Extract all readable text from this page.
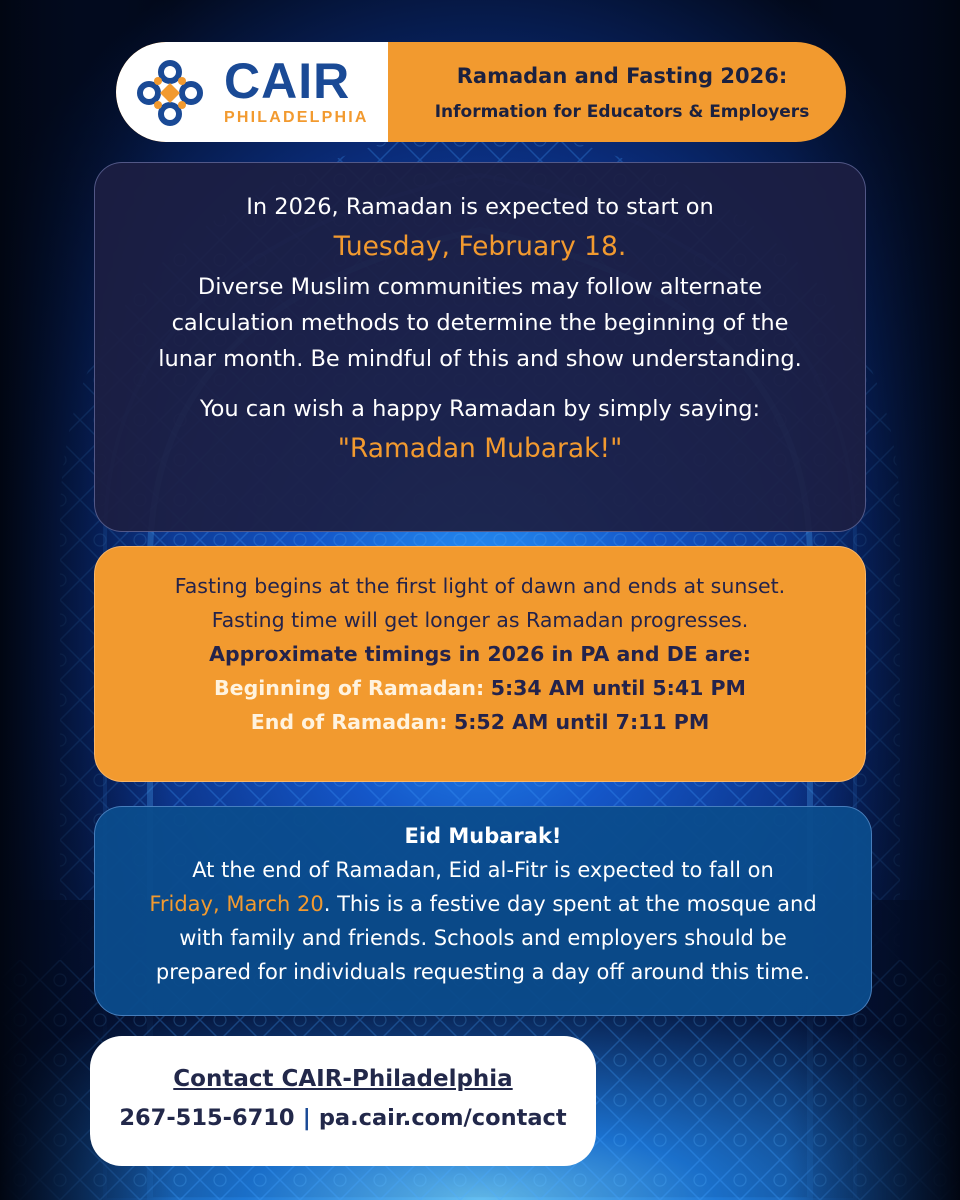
CAIR
PHILADELPHIA
Ramadan and Fasting 2026:
Information for Educators & Employers
In 2026, Ramadan is expected to start on
Tuesday, February 18.
Diverse Muslim communities may follow alternate
calculation methods to determine the beginning of the
lunar month. Be mindful of this and show understanding.
You can wish a happy Ramadan by simply saying:
"Ramadan Mubarak!"
Fasting begins at the first light of dawn and ends at sunset.
Fasting time will get longer as Ramadan progresses.
Approximate timings in 2026 in PA and DE are:
Beginning of Ramadan: 5:34 AM until 5:41 PM
End of Ramadan: 5:52 AM until 7:11 PM
Eid Mubarak!
At the end of Ramadan, Eid al-Fitr is expected to fall on
Friday, March 20. This is a festive day spent at the mosque and
with family and friends. Schools and employers should be
prepared for individuals requesting a day off around this time.
Contact CAIR-Philadelphia
267-515-6710 | pa.cair.com/contact
